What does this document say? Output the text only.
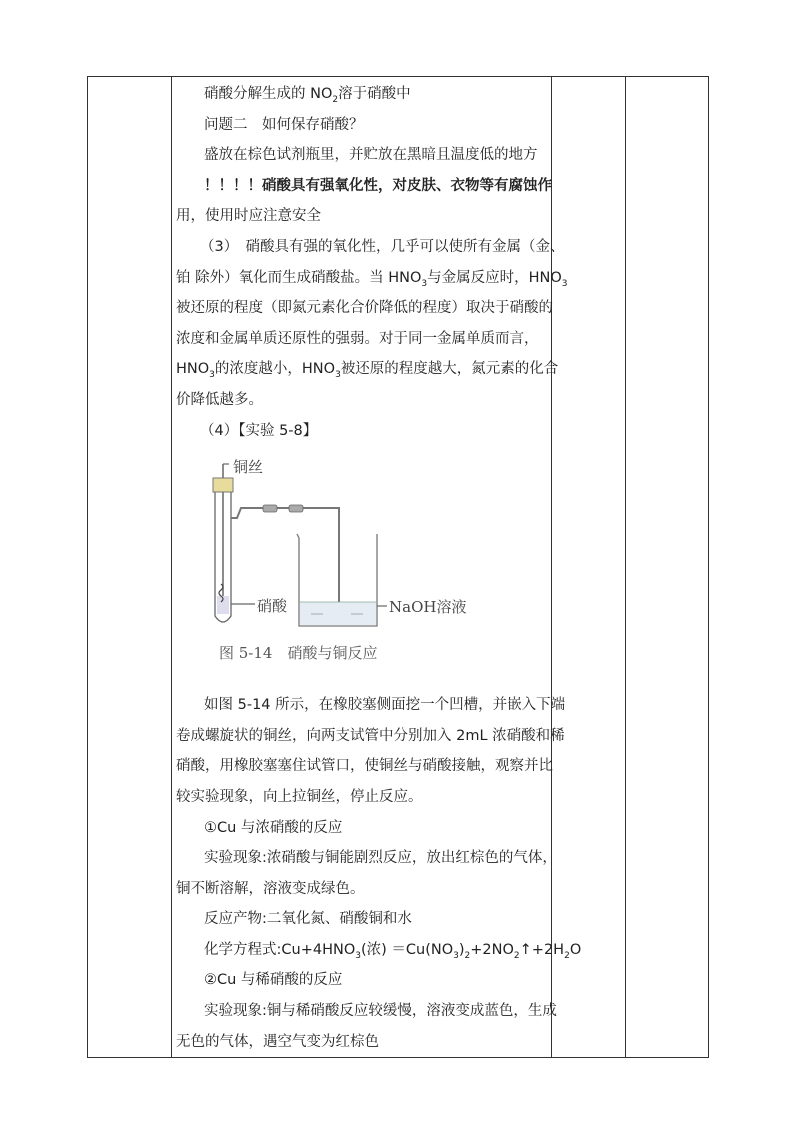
硝酸分解生成的 $NO_2$溶于硝酸中

问题二　如何保存硝酸？

盛放在棕色试剂瓶里，并贮放在黑暗且温度低的地方

！！！！硝酸具有强氧化性，对皮肤、衣物等有腐蚀作

用，使用时应注意安全

（3）　硝酸具有强的氧化性，几乎可以使所有金属（金、

铂 除外）氧化而生成硝酸盐。当 $HNO_3$与金属反应时，$HNO_3$

被还原的程度（即氮元素化合价降低的程度）取决于硝酸的

浓度和金属单质还原性的强弱。对于同一金属单质而言，

$HNO_3$的浓度越小，$HNO_3$被还原的程度越大，氮元素的化合

价降低越多。

（4）【实验 5-8】

铜丝
硝酸	NaOH溶液
图 5-14　硝酸与铜反应

如图 5-14 所示，在橡胶塞侧面挖一个凹槽，并嵌入下端

卷成螺旋状的铜丝，向两支试管中分别加入 2mL 浓硝酸和稀

硝酸，用橡胶塞塞住试管口，使铜丝与硝酸接触，观察并比

较实验现象，向上拉铜丝，停止反应。

①Cu 与浓硝酸的反应

实验现象:浓硝酸与铜能剧烈反应，放出红棕色的气体，

铜不断溶解，溶液变成绿色。

反应产物:二氧化氮、硝酸铜和水

化学方程式$:Cu+4HNO_3$(浓) $=Cu(NO_3)_2+2NO_2↑+2H_2O$

②Cu 与稀硝酸的反应

实验现象:铜与稀硝酸反应较缓慢，溶液变成蓝色，生成

无色的气体，遇空气变为红棕色
